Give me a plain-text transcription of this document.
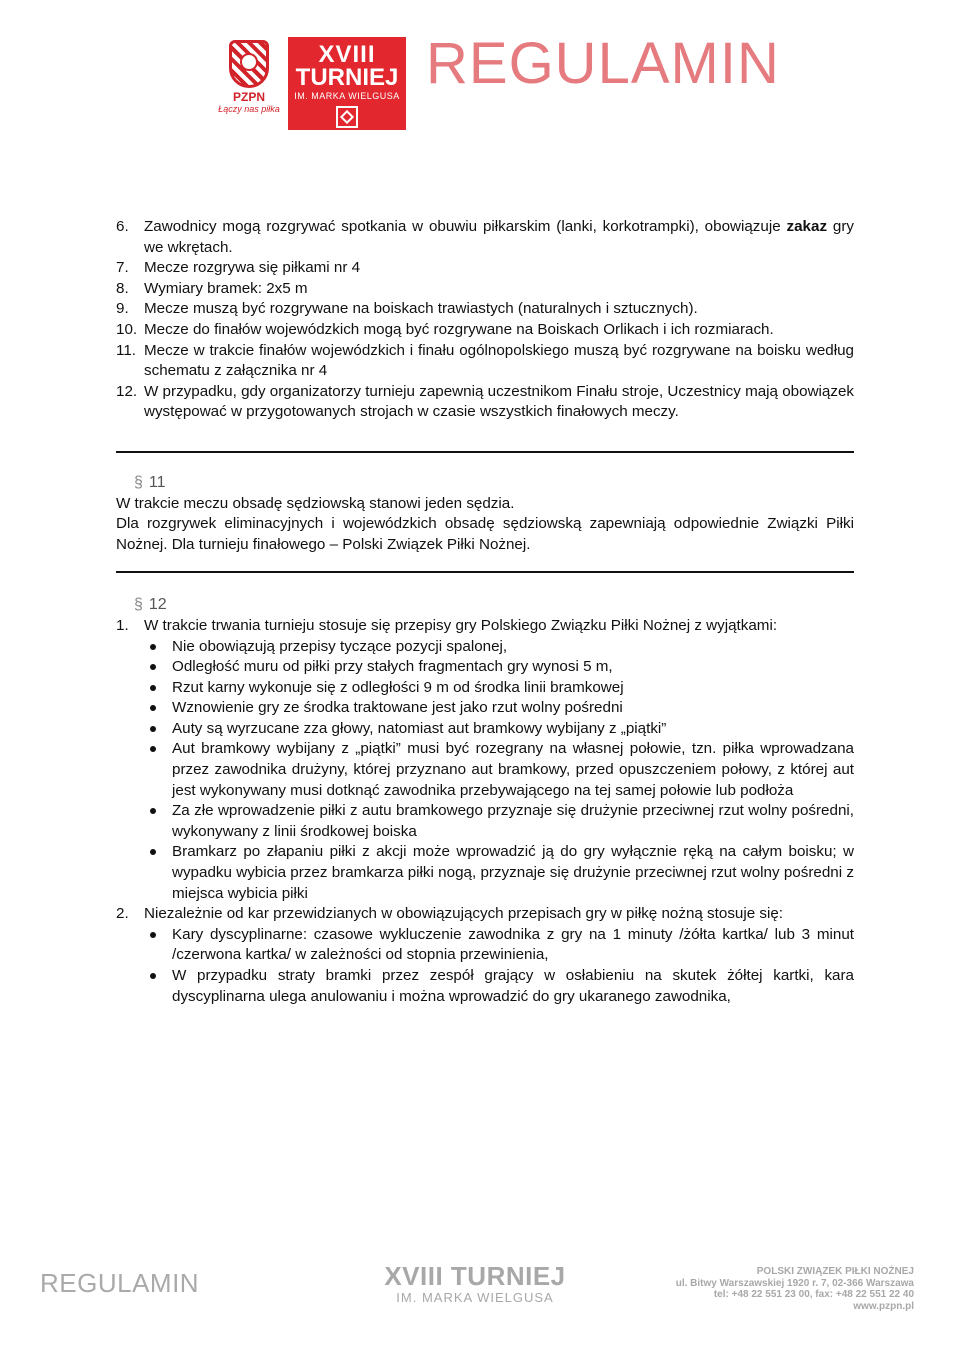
PZPN
Łączy nas piłka
XVIII
TURNIEJ
IM. MARKA WIELGUSA REGULAMIN
6.	Zawodnicy mogą rozgrywać spotkania w obuwiu piłkarskim (lanki, korkotrampki), obowiązuje zakaz gry we wkrętach.
7.	Mecze rozgrywa się piłkami nr 4
8.	Wymiary bramek: 2x5 m
9.	Mecze muszą być rozgrywane na boiskach trawiastych (naturalnych i sztucznych).
10. Mecze do finałów wojewódzkich mogą być rozgrywane na Boiskach Orlikach i ich rozmiarach.
11. Mecze w trakcie finałów wojewódzkich i finału ogólnopolskiego muszą być rozgrywane na boisku według schematu z załącznika nr 4
12. W przypadku, gdy organizatorzy turnieju zapewnią uczestnikom Finału stroje, Uczestnicy mają obowiązek występować w przygotowanych strojach w czasie wszystkich finałowych meczy.
§ 11
W trakcie meczu obsadę sędziowską stanowi jeden sędzia.
Dla rozgrywek eliminacyjnych i wojewódzkich obsadę sędziowską zapewniają odpowiednie Związki Piłki Nożnej. Dla turnieju finałowego – Polski Związek Piłki Nożnej.
§ 12
1.	W trakcie trwania turnieju stosuje się przepisy gry Polskiego Związku Piłki Nożnej z wyjątkami:
Nie obowiązują przepisy tyczące pozycji spalonej,
Odległość muru od piłki przy stałych fragmentach gry wynosi 5 m,
Rzut karny wykonuje się z odległości 9 m od środka linii bramkowej
Wznowienie gry ze środka traktowane jest jako rzut wolny pośredni
Auty są wyrzucane zza głowy, natomiast aut bramkowy wybijany z „piątki”
Aut bramkowy wybijany z „piątki” musi być rozegrany na własnej połowie, tzn. piłka wprowadzana przez zawodnika drużyny, której przyznano aut bramkowy, przed opuszczeniem połowy, z której aut jest wykonywany musi dotknąć zawodnika przebywającego na tej samej połowie lub podłoża
Za złe wprowadzenie piłki z autu bramkowego przyznaje się drużynie przeciwnej rzut wolny pośredni, wykonywany z linii środkowej boiska
Bramkarz po złapaniu piłki z akcji może wprowadzić ją do gry wyłącznie ręką na całym boisku; w wypadku wybicia przez bramkarza piłki nogą, przyznaje się drużynie przeciwnej rzut wolny pośredni z miejsca wybicia piłki
2.	Niezależnie od kar przewidzianych w obowiązujących przepisach gry w piłkę nożną stosuje się:
Kary dyscyplinarne: czasowe wykluczenie zawodnika z gry na 1 minuty /żółta kartka/ lub 3 minut /czerwona kartka/ w zależności od stopnia przewinienia,
W przypadku straty bramki przez zespół grający w osłabieniu na skutek żółtej kartki, kara dyscyplinarna ulega anulowaniu i można wprowadzić do gry ukaranego zawodnika,
REGULAMIN	XVIII TURNIEJ
IM. MARKA WIELGUSA
POLSKI ZWIĄZEK PIŁKI NOŻNEJ
ul. Bitwy Warszawskiej 1920 r. 7, 02-366 Warszawa
tel: +48 22 551 23 00, fax: +48 22 551 22 40
www.pzpn.pl
